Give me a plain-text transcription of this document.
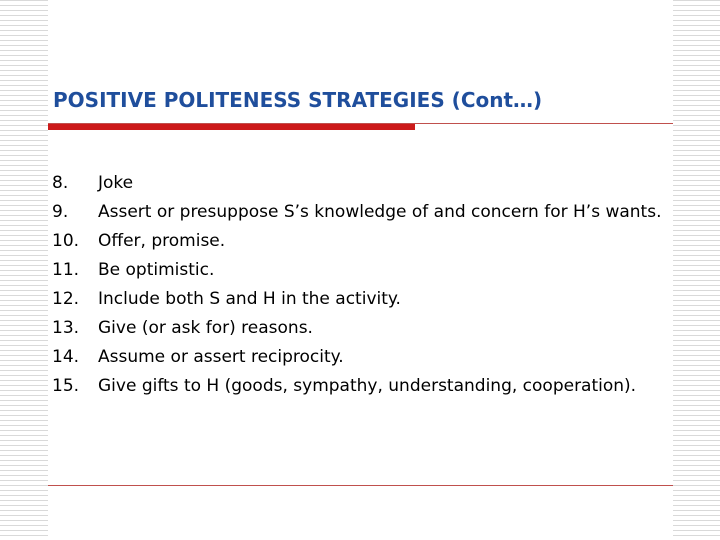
POSITIVE POLITENESS STRATEGIES (Cont…)
8.	Joke
9.	Assert or presuppose S’s knowledge of and concern for H’s wants.
10.	Offer, promise.
11.	Be optimistic.
12.	Include both S and H in the activity.
13.	Give (or ask for) reasons.
14.	Assume or assert reciprocity.
15.	Give gifts to H (goods, sympathy, understanding, cooperation).
